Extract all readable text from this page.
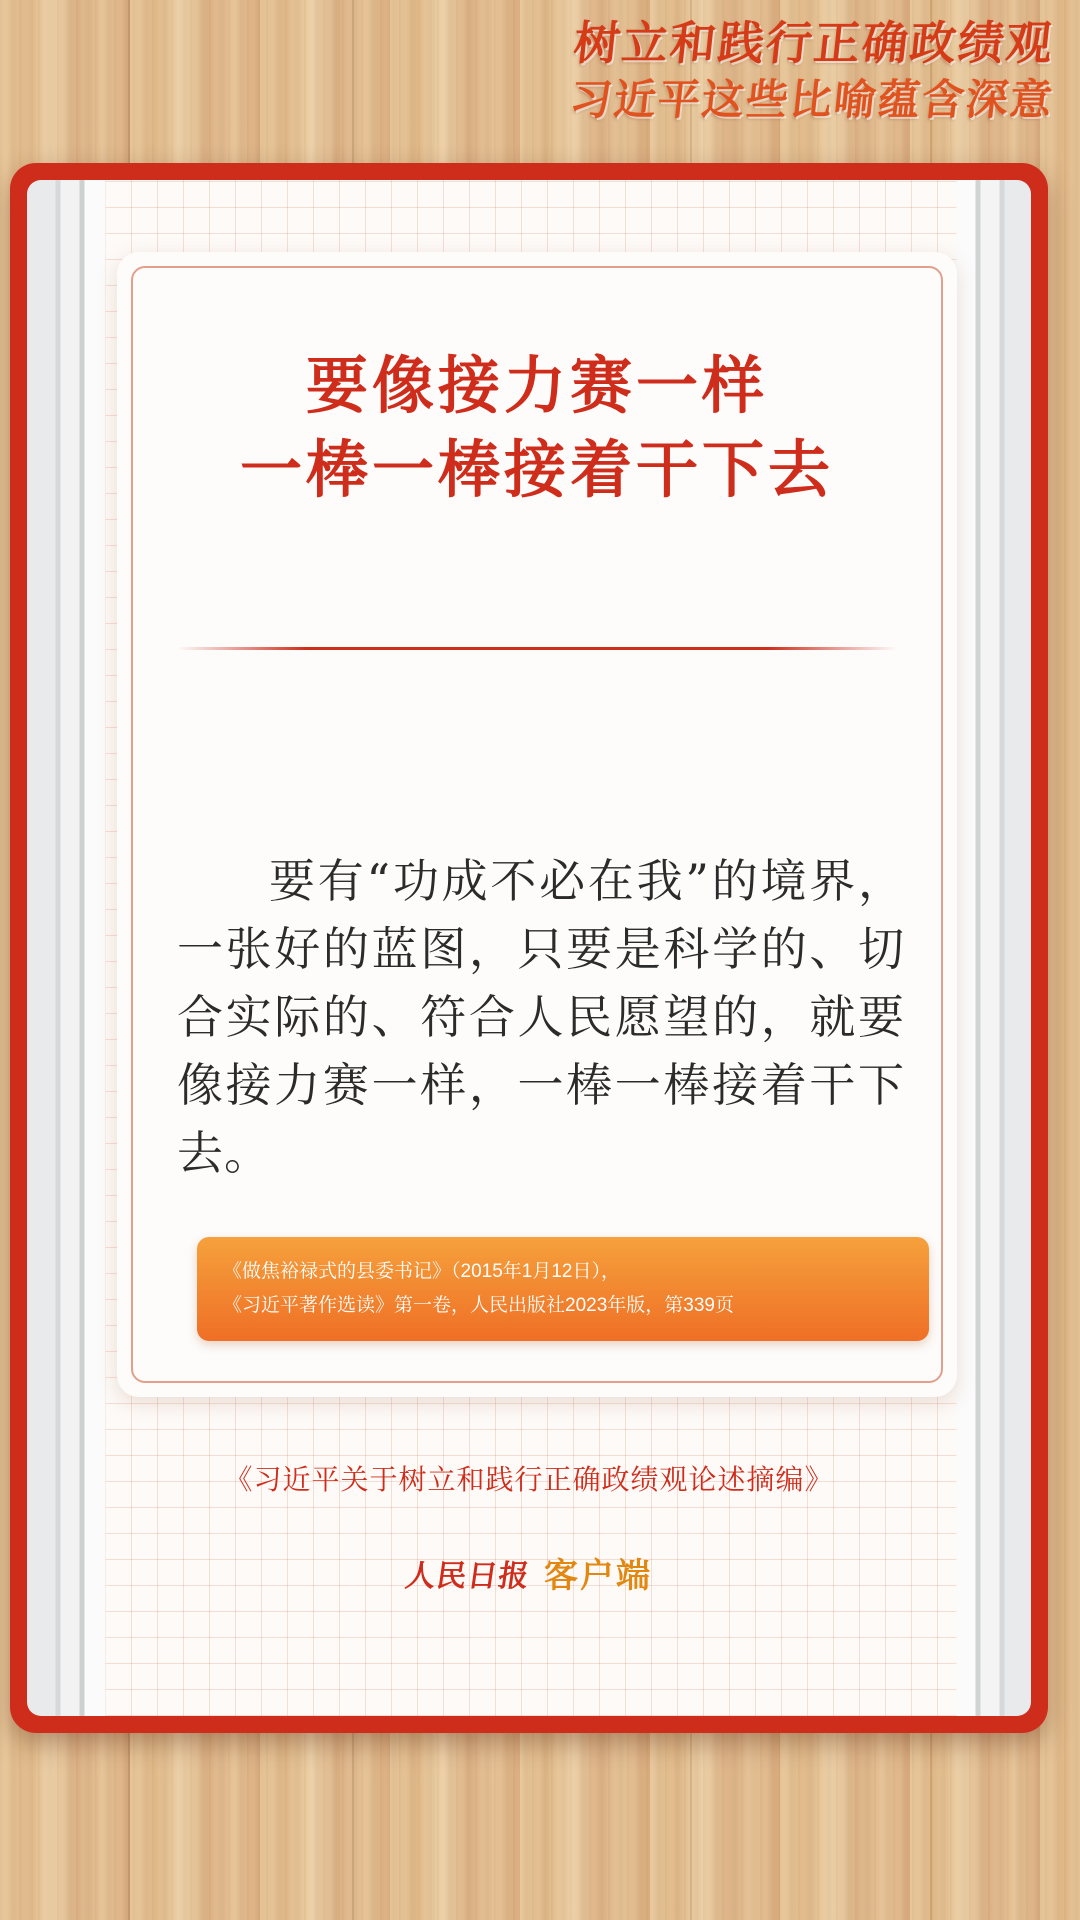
树立和践行正确政绩观
习近平这些比喻蕴含深意
要像接力赛一样
一棒一棒接着干下去
要有“功成不必在我”的境界，一张好的蓝图，只要是科学的、切合实际的、符合人民愿望的，就要像接力赛一样，一棒一棒接着干下去。
《做焦裕禄式的县委书记》（2015年1月12日），
《习近平著作选读》第一卷，人民出版社2023年版，第339页
《习近平关于树立和践行正确政绩观论述摘编》
人民日报 客户端
